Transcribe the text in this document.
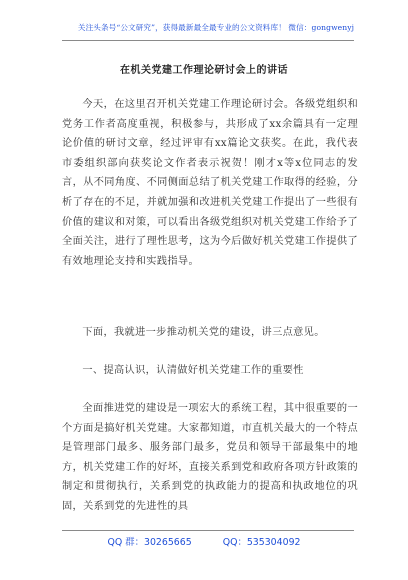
关注头条号“公文研究”，获得最新最全最专业的公文资料库！ 微信：gongwenyj
在机关党建工作理论研讨会上的讲话
今天，在这里召开机关党建工作理论研讨会。各级党组织和党务工作者高度重视，积极参与，共形成了xx余篇具有一定理论价值的研讨文章，经过评审有xx篇论文获奖。在此，我代表市委组织部向获奖论文作者表示祝贺！刚才x等x位同志的发言，从不同角度、不同侧面总结了机关党建工作取得的经验，分析了存在的不足，并就加强和改进机关党建工作提出了一些很有价值的建议和对策，可以看出各级党组织对机关党建工作给予了全面关注，进行了理性思考，这为今后做好机关党建工作提供了有效地理论支持和实践指导。
下面，我就进一步推动机关党的建设，讲三点意见。
一、提高认识，认清做好机关党建工作的重要性
全面推进党的建设是一项宏大的系统工程，其中很重要的一个方面是搞好机关党建。大家都知道，市直机关最大的一个特点是管理部门最多、服务部门最多，党员和领导干部最集中的地方，机关党建工作的好坏，直接关系到党和政府各项方针政策的制定和贯彻执行，关系到党的执政能力的提高和执政地位的巩固，关系到党的先进性的具
QQ 群：30265665	QQ：535304092
